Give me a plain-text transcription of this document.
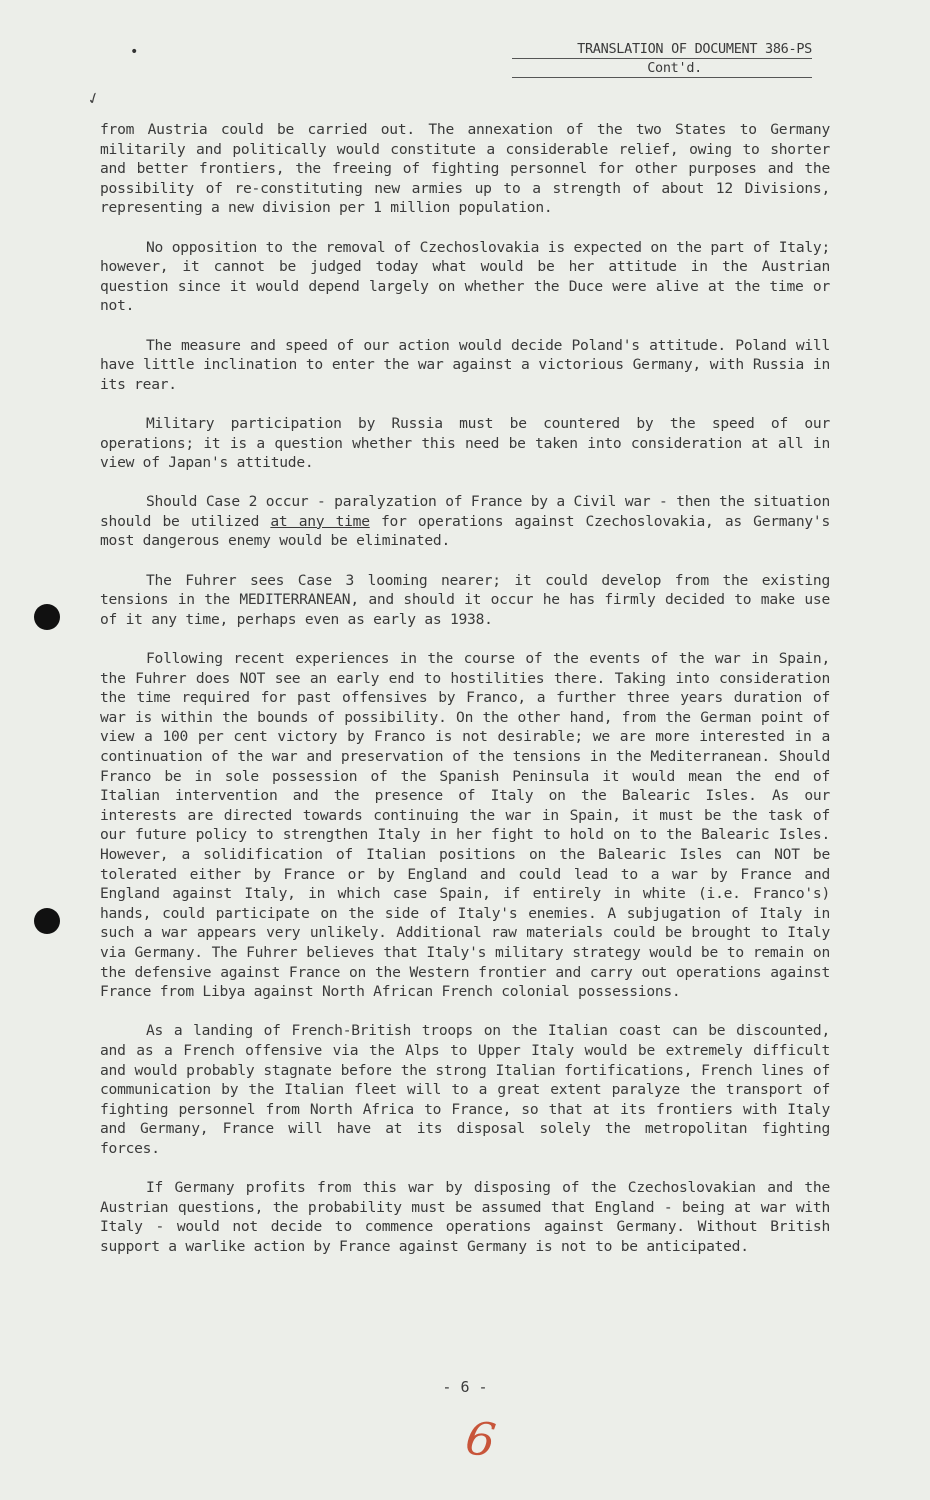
•	TRANSLATION OF DOCUMENT 386-PS
Cont'd.
✓

from Austria could be carried out. The annexation of the two States to Germany militarily and politically would constitute a considerable relief, owing to shorter and better frontiers, the freeing of fighting personnel for other purposes and the possibility of re-constituting new armies up to a strength of about 12 Divisions, representing a new division per 1 million population.

No opposition to the removal of Czechoslovakia is expected on the part of Italy; however, it cannot be judged today what would be her attitude in the Austrian question since it would depend largely on whether the Duce were alive at the time or not.

The measure and speed of our action would decide Poland's attitude. Poland will have little inclination to enter the war against a victorious Germany, with Russia in its rear.

Military participation by Russia must be countered by the speed of our operations; it is a question whether this need be taken into consideration at all in view of Japan's attitude.

Should Case 2 occur - paralyzation of France by a Civil war - then the situation should be utilized at any time for operations against Czechoslovakia, as Germany's most dangerous enemy would be eliminated.

The Fuhrer sees Case 3 looming nearer; it could develop from the existing tensions in the MEDITERRANEAN, and should it occur he has firmly decided to make use of it any time, perhaps even as early as 1938.

Following recent experiences in the course of the events of the war in Spain, the Fuhrer does NOT see an early end to hostilities there. Taking into consideration the time required for past offensives by Franco, a further three years duration of war is within the bounds of possibility. On the other hand, from the German point of view a 100 per cent victory by Franco is not desirable; we are more interested in a continuation of the war and preservation of the tensions in the Mediterranean. Should Franco be in sole possession of the Spanish Peninsula it would mean the end of Italian intervention and the presence of Italy on the Balearic Isles. As our interests are directed towards continuing the war in Spain, it must be the task of our future policy to strengthen Italy in her fight to hold on to the Balearic Isles. However, a solidification of Italian positions on the Balearic Isles can NOT be tolerated either by France or by England and could lead to a war by France and England against Italy, in which case Spain, if entirely in white (i.e. Franco's) hands, could participate on the side of Italy's enemies. A subjugation of Italy in such a war appears very unlikely. Additional raw materials could be brought to Italy via Germany. The Fuhrer believes that Italy's military strategy would be to remain on the defensive against France on the Western frontier and carry out operations against France from Libya against North African French colonial possessions.

As a landing of French-British troops on the Italian coast can be discounted, and as a French offensive via the Alps to Upper Italy would be extremely difficult and would probably stagnate before the strong Italian fortifications, French lines of communication by the Italian fleet will to a great extent paralyze the transport of fighting personnel from North Africa to France, so that at its frontiers with Italy and Germany, France will have at its disposal solely the metropolitan fighting forces.

If Germany profits from this war by disposing of the Czechoslovakian and the Austrian questions, the probability must be assumed that England - being at war with Italy - would not decide to commence operations against Germany. Without British support a warlike action by France against Germany is not to be anticipated.

- 6 -
6
